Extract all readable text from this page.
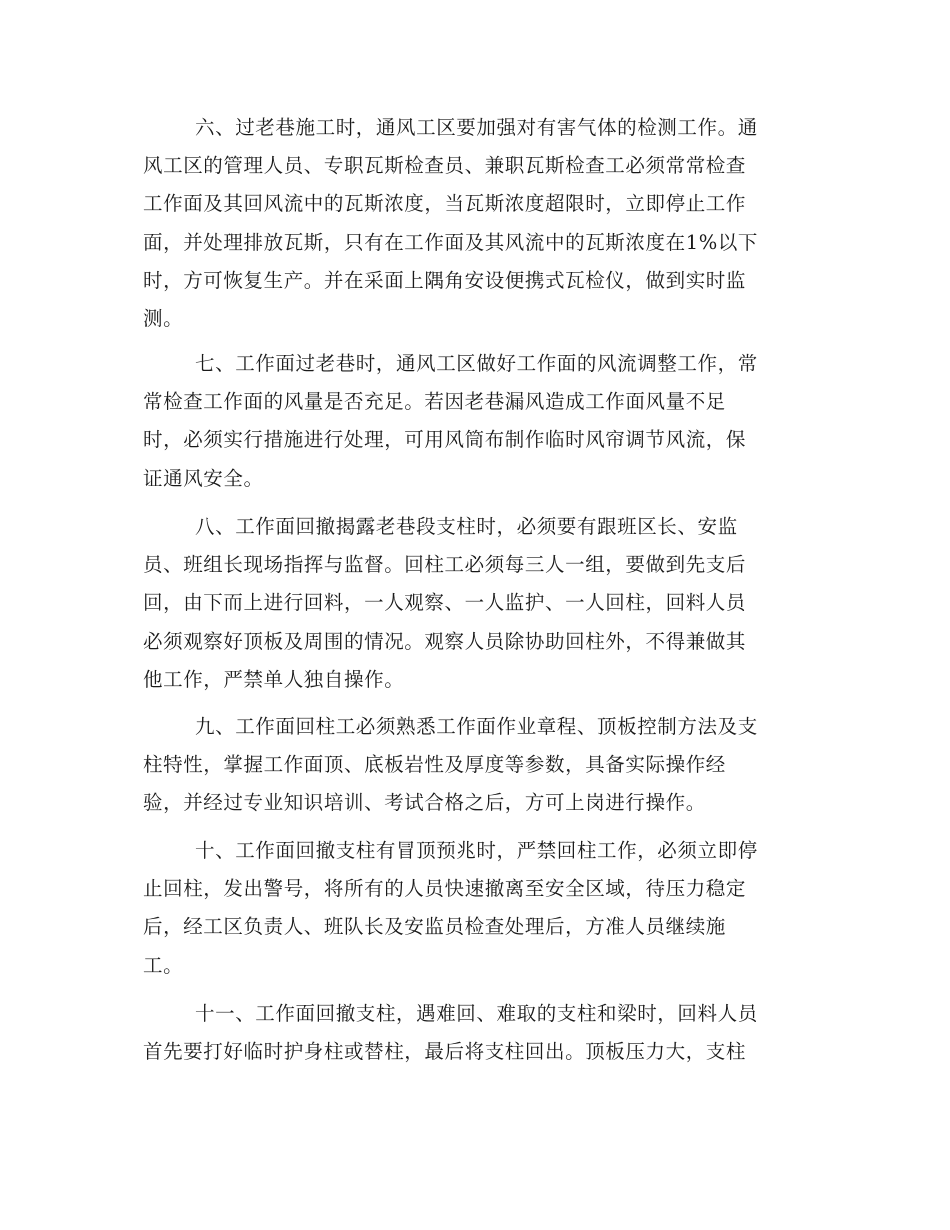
六、过老巷施工时，通风工区要加强对有害气体的检测工作。通
风工区的管理人员、专职瓦斯检查员、兼职瓦斯检查工必须常常检查
工作面及其回风流中的瓦斯浓度，当瓦斯浓度超限时，立即停止工作
面，并处理排放瓦斯，只有在工作面及其风流中的瓦斯浓度在1%以下
时，方可恢复生产。并在采面上隅角安设便携式瓦检仪，做到实时监
测。

七、工作面过老巷时，通风工区做好工作面的风流调整工作，常
常检查工作面的风量是否充足。若因老巷漏风造成工作面风量不足
时，必须实行措施进行处理，可用风筒布制作临时风帘调节风流，保
证通风安全。

八、工作面回撤揭露老巷段支柱时，必须要有跟班区长、安监
员、班组长现场指挥与监督。回柱工必须每三人一组，要做到先支后
回，由下而上进行回料，一人观察、一人监护、一人回柱，回料人员
必须观察好顶板及周围的情况。观察人员除协助回柱外，不得兼做其
他工作，严禁单人独自操作。

九、工作面回柱工必须熟悉工作面作业章程、顶板控制方法及支
柱特性，掌握工作面顶、底板岩性及厚度等参数，具备实际操作经
验，并经过专业知识培训、考试合格之后，方可上岗进行操作。

十、工作面回撤支柱有冒顶预兆时，严禁回柱工作，必须立即停
止回柱，发出警号，将所有的人员快速撤离至安全区域，待压力稳定
后，经工区负责人、班队长及安监员检查处理后，方准人员继续施
工。

十一、工作面回撤支柱，遇难回、难取的支柱和梁时，回料人员
首先要打好临时护身柱或替柱，最后将支柱回出。顶板压力大，支柱
